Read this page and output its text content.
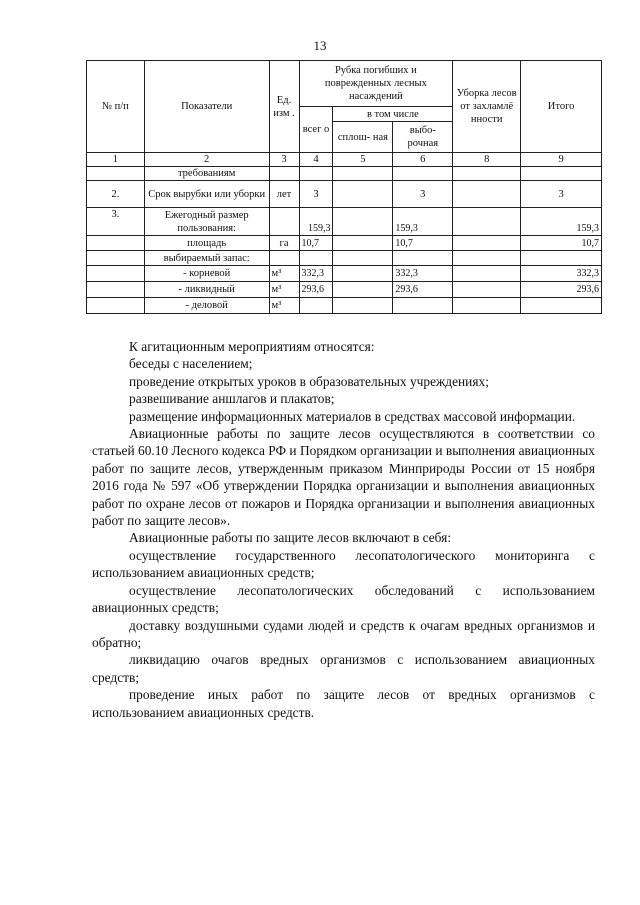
13
№ п/п	Показатели	Ед. изм .	Рубка погибших и поврежденных лесных насаждений			Уборка лесов от захламлё нности	Итого
			всег о	в том числе			
				сплош- ная	выбо- рочная		
1	2	3	4	5	6	8	9
	требованиям						
2.	Срок вырубки или уборки	лет	3		3		3
3.	Ежегодный размер пользования:		159,3		159,3		159,3
	площадь	га	10,7		10,7		10,7
	выбираемый запас:						
	- корневой	м³	332,3		332,3		332,3
	- ликвидный	м³	293,6		293,6		293,6
	- деловой	м³					

К агитационным мероприятиям относятся:

беседы с населением;

проведение открытых уроков в образовательных учреждениях;

развешивание аншлагов и плакатов;

размещение информационных материалов в средствах массовой информации.

Авиационные работы по защите лесов осуществляются в соответствии со статьей 60.10 Лесного кодекса РФ и Порядком организации и выполнения авиационных работ по защите лесов, утвержденным приказом Минприроды России от 15 ноября 2016 года № 597 «Об утверждении Порядка организации и выполнения авиационных работ по охране лесов от пожаров и Порядка организации и выполнения авиационных работ по защите лесов».

Авиационные работы по защите лесов включают в себя:

осуществление государственного лесопатологического мониторинга с использованием авиационных средств;

осуществление лесопатологических обследований с использованием авиационных средств;

доставку воздушными судами людей и средств к очагам вредных организмов и обратно;

ликвидацию очагов вредных организмов с использованием авиационных средств;

проведение иных работ по защите лесов от вредных организмов с использованием авиационных средств.
